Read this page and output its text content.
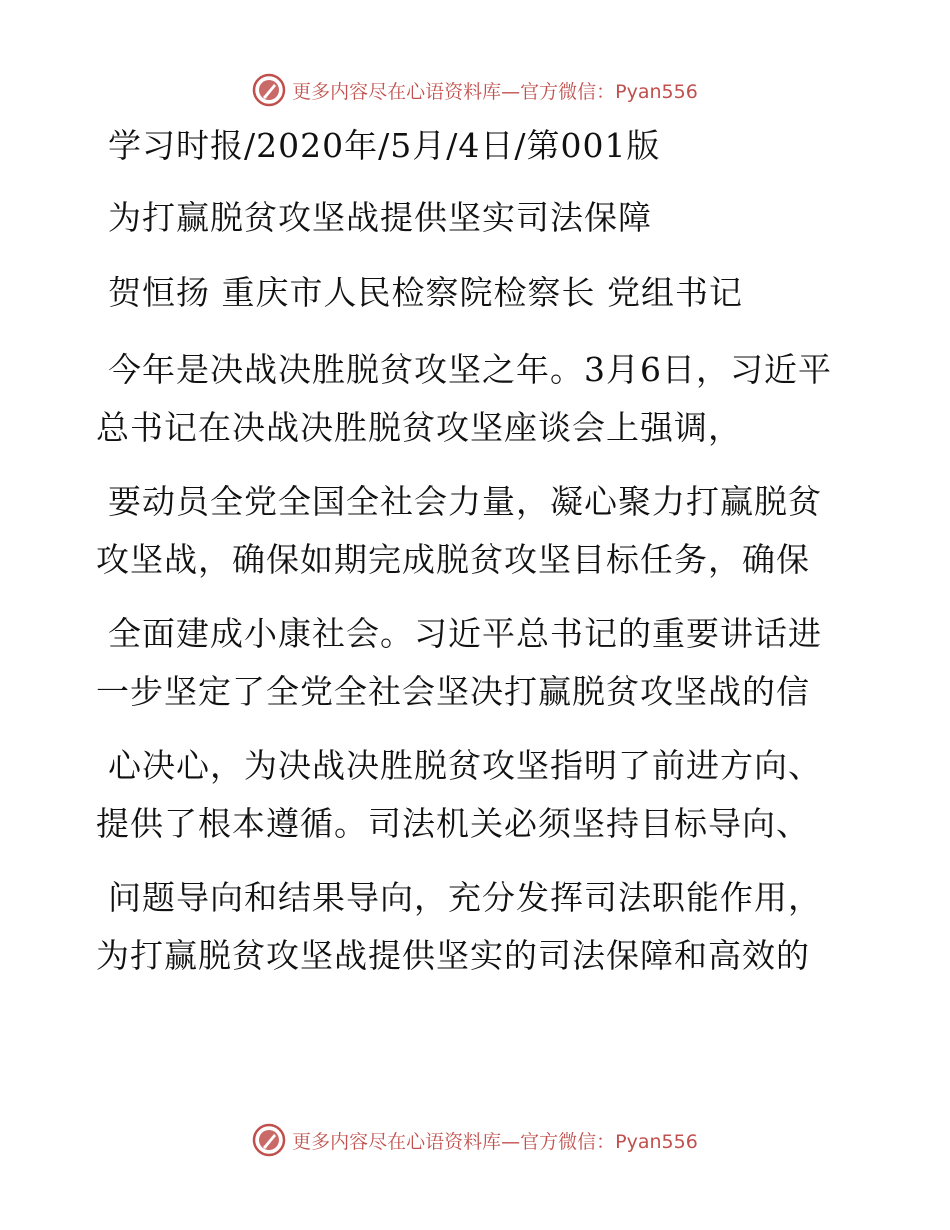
更多内容尽在心语资料库—官方微信：Pyan556
学习时报/2020年/5月/4日/第001版
为打赢脱贫攻坚战提供坚实司法保障
贺恒扬 重庆市人民检察院检察长 党组书记
今年是决战决胜脱贫攻坚之年。3月6日，习近平
总书记在决战决胜脱贫攻坚座谈会上强调，
要动员全党全国全社会力量，凝心聚力打赢脱贫
攻坚战，确保如期完成脱贫攻坚目标任务，确保
全面建成小康社会。习近平总书记的重要讲话进
一步坚定了全党全社会坚决打赢脱贫攻坚战的信
心决心，为决战决胜脱贫攻坚指明了前进方向、
提供了根本遵循。司法机关必须坚持目标导向、
问题导向和结果导向，充分发挥司法职能作用，
为打赢脱贫攻坚战提供坚实的司法保障和高效的
更多内容尽在心语资料库—官方微信：Pyan556
